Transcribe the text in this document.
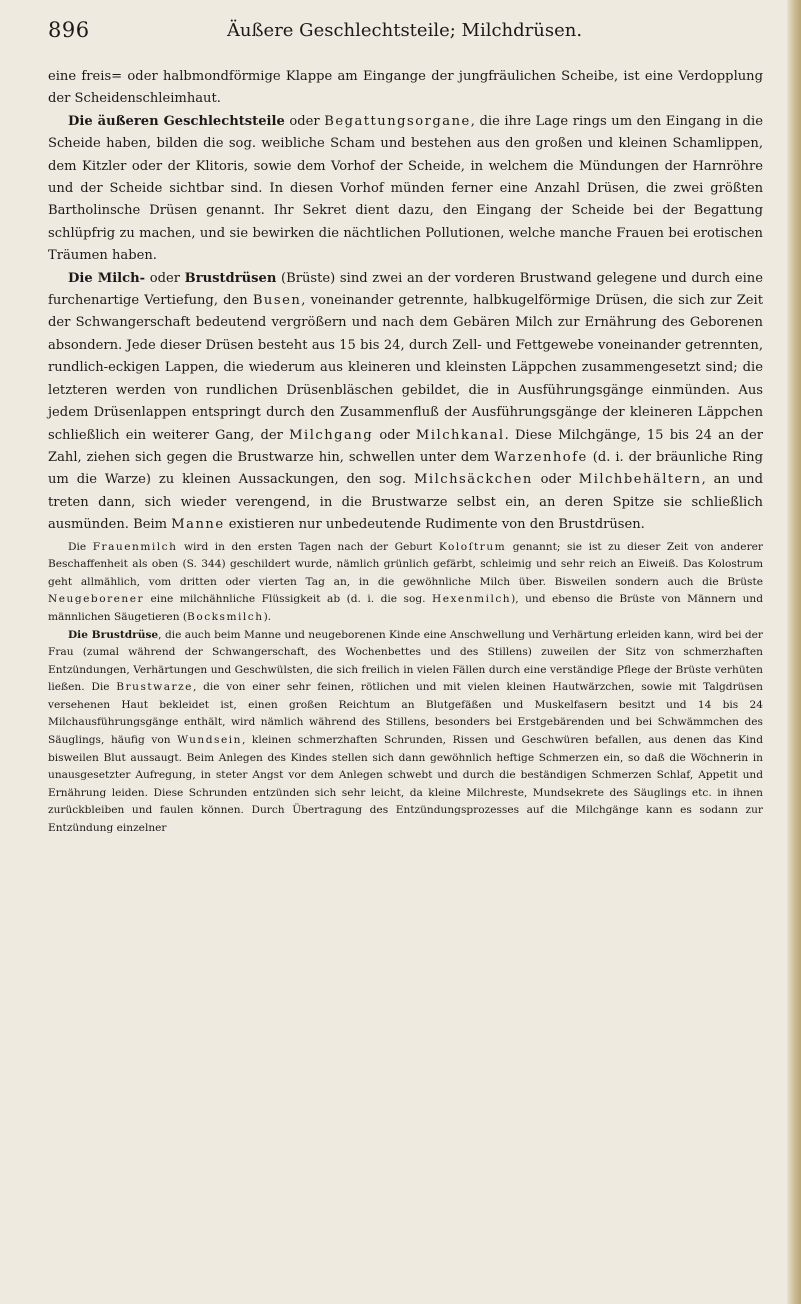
896	Äußere Geschlechtsteile; Milchdrüsen.

eine freis= oder halbmondförmige Klappe am Eingange der jungfräulichen Scheibe, ist eine Verdopplung der Scheidenschleimhaut.

Die äußeren Geschlechtsteile oder Begattungsorgane, die ihre Lage rings um den Eingang in die Scheide haben, bilden die sog. weibliche Scham und bestehen aus den großen und kleinen Schamlippen, dem Kitzler oder der Klitoris, sowie dem Vorhof der Scheide, in welchem die Mündungen der Harnröhre und der Scheide sichtbar sind. In diesen Vorhof münden ferner eine Anzahl Drüsen, die zwei größten Bartholinsche Drüsen genannt. Ihr Sekret dient dazu, den Eingang der Scheide bei der Begattung schlüpfrig zu machen, und sie bewirken die nächtlichen Pollutionen, welche manche Frauen bei erotischen Träumen haben.

Die Milch- oder Brustdrüsen (Brüste) sind zwei an der vorderen Brustwand gelegene und durch eine furchenartige Vertiefung, den Busen, voneinander getrennte, halbkugelförmige Drüsen, die sich zur Zeit der Schwangerschaft bedeutend vergrößern und nach dem Gebären Milch zur Ernährung des Geborenen absondern. Jede dieser Drüsen besteht aus 15 bis 24, durch Zell- und Fettgewebe voneinander getrennten, rundlich-eckigen Lappen, die wiederum aus kleineren und kleinsten Läppchen zusammengesetzt sind; die letzteren werden von rundlichen Drüsenbläschen gebildet, die in Ausführungsgänge einmünden. Aus jedem Drüsenlappen entspringt durch den Zusammenfluß der Ausführungsgänge der kleineren Läppchen schließlich ein weiterer Gang, der Milchgang oder Milchkanal. Diese Milchgänge, 15 bis 24 an der Zahl, ziehen sich gegen die Brustwarze hin, schwellen unter dem Warzenhofe (d. i. der bräunliche Ring um die Warze) zu kleinen Aussackungen, den sog. Milchsäckchen oder Milchbehältern, an und treten dann, sich wieder verengend, in die Brustwarze selbst ein, an deren Spitze sie schließlich ausmünden. Beim Manne existieren nur unbedeutende Rudimente von den Brustdrüsen.

Die Frauenmilch wird in den ersten Tagen nach der Geburt Koloſtrum genannt; sie ist zu dieser Zeit von anderer Beschaffenheit als oben (S. 344) geschildert wurde, nämlich grünlich gefärbt, schleimig und sehr reich an Eiweiß. Das Kolostrum geht allmählich, vom dritten oder vierten Tag an, in die gewöhnliche Milch über. Bisweilen sondern auch die Brüste Neugeborener eine milchähnliche Flüssigkeit ab (d. i. die sog. Hexenmilch), und ebenso die Brüste von Männern und männlichen Säugetieren (Bocksmilch).

Die Brustdrüse, die auch beim Manne und neugeborenen Kinde eine Anschwellung und Verhärtung erleiden kann, wird bei der Frau (zumal während der Schwangerschaft, des Wochenbettes und des Stillens) zuweilen der Sitz von schmerzhaften Entzündungen, Verhärtungen und Geschwülsten, die sich freilich in vielen Fällen durch eine verständige Pflege der Brüste verhüten ließen. Die Brustwarze, die von einer sehr feinen, rötlichen und mit vielen kleinen Hautwärzchen, sowie mit Talgdrüsen versehenen Haut bekleidet ist, einen großen Reichtum an Blutgefäßen und Muskelfasern besitzt und 14 bis 24 Milchausführungsgänge enthält, wird nämlich während des Stillens, besonders bei Erstgebärenden und bei Schwämmchen des Säuglings, häufig von Wundsein, kleinen schmerzhaften Schrunden, Rissen und Geschwüren befallen, aus denen das Kind bisweilen Blut aussaugt. Beim Anlegen des Kindes stellen sich dann gewöhnlich heftige Schmerzen ein, so daß die Wöchnerin in unausgesetzter Aufregung, in steter Angst vor dem Anlegen schwebt und durch die beständigen Schmerzen Schlaf, Appetit und Ernährung leiden. Diese Schrunden entzünden sich sehr leicht, da kleine Milchreste, Mundsekrete des Säuglings etc. in ihnen zurückbleiben und faulen können. Durch Übertragung des Entzündungsprozesses auf die Milchgänge kann es sodann zur Entzündung einzelner
